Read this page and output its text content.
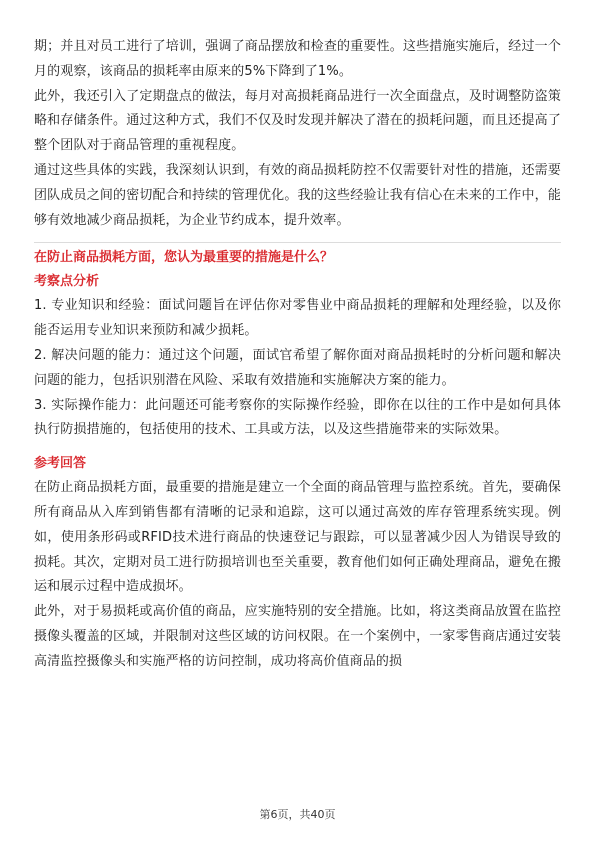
期；并且对员工进行了培训，强调了商品摆放和检查的重要性。这些措施实施后，经过一个月的观察，该商品的损耗率由原来的5%下降到了1%。

此外，我还引入了定期盘点的做法，每月对高损耗商品进行一次全面盘点，及时调整防盗策略和存储条件。通过这种方式，我们不仅及时发现并解决了潜在的损耗问题，而且还提高了整个团队对于商品管理的重视程度。

通过这些具体的实践，我深刻认识到，有效的商品损耗防控不仅需要针对性的措施，还需要团队成员之间的密切配合和持续的管理优化。我的这些经验让我有信心在未来的工作中，能够有效地减少商品损耗，为企业节约成本，提升效率。

在防止商品损耗方面，您认为最重要的措施是什么？
考察点分析

1. 专业知识和经验：面试问题旨在评估你对零售业中商品损耗的理解和处理经验，以及你能否运用专业知识来预防和减少损耗。

2. 解决问题的能力：通过这个问题，面试官希望了解你面对商品损耗时的分析问题和解决问题的能力，包括识别潜在风险、采取有效措施和实施解决方案的能力。

3. 实际操作能力：此问题还可能考察你的实际操作经验，即你在以往的工作中是如何具体执行防损措施的，包括使用的技术、工具或方法，以及这些措施带来的实际效果。

参考回答

在防止商品损耗方面，最重要的措施是建立一个全面的商品管理与监控系统。首先，要确保所有商品从入库到销售都有清晰的记录和追踪，这可以通过高效的库存管理系统实现。例如，使用条形码或RFID技术进行商品的快速登记与跟踪，可以显著减少因人为错误导致的损耗。其次，定期对员工进行防损培训也至关重要，教育他们如何正确处理商品，避免在搬运和展示过程中造成损坏。

此外，对于易损耗或高价值的商品，应实施特别的安全措施。比如，将这类商品放置在监控摄像头覆盖的区域，并限制对这些区域的访问权限。在一个案例中，一家零售商店通过安装高清监控摄像头和实施严格的访问控制，成功将高价值商品的损

第6页，共40页
